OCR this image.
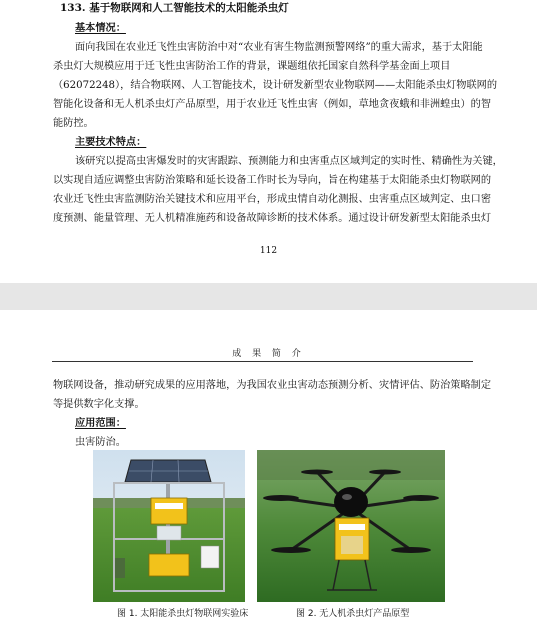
133. 基于物联网和人工智能技术的太阳能杀虫灯
基本情况：
面向我国在农业迁飞性虫害防治中对“农业有害生物监测预警网络”的重大需求，基于太阳能
杀虫灯大规模应用于迁飞性虫害防治工作的背景，课题组依托国家自然科学基金面上项目
（62072248），结合物联网、人工智能技术，设计研发新型农业物联网——太阳能杀虫灯物联网的
智能化设备和无人机杀虫灯产品原型，用于农业迁飞性虫害（例如，草地贪夜蛾和非洲蝗虫）的智
能防控。
主要技术特点：
该研究以提高虫害爆发时的灾害跟踪、预测能力和虫害重点区域判定的实时性、精确性为关键，
以实现自适应调整虫害防治策略和延长设备工作时长为导向，旨在构建基于太阳能杀虫灯物联网的
农业迁飞性虫害监测防治关键技术和应用平台，形成虫情自动化测报、虫害重点区域判定、虫口密
度预测、能量管理、无人机精准施药和设备故障诊断的技术体系。通过设计研发新型太阳能杀虫灯
112
成 果 简 介
物联网设备，推动研究成果的应用落地，为我国农业虫害动态预测分析、灾情评估、防治策略制定
等提供数字化支撑。
应用范围：
虫害防治。
图 1. 太阳能杀虫灯物联网实验床	图 2. 无人机杀虫灯产品原型
